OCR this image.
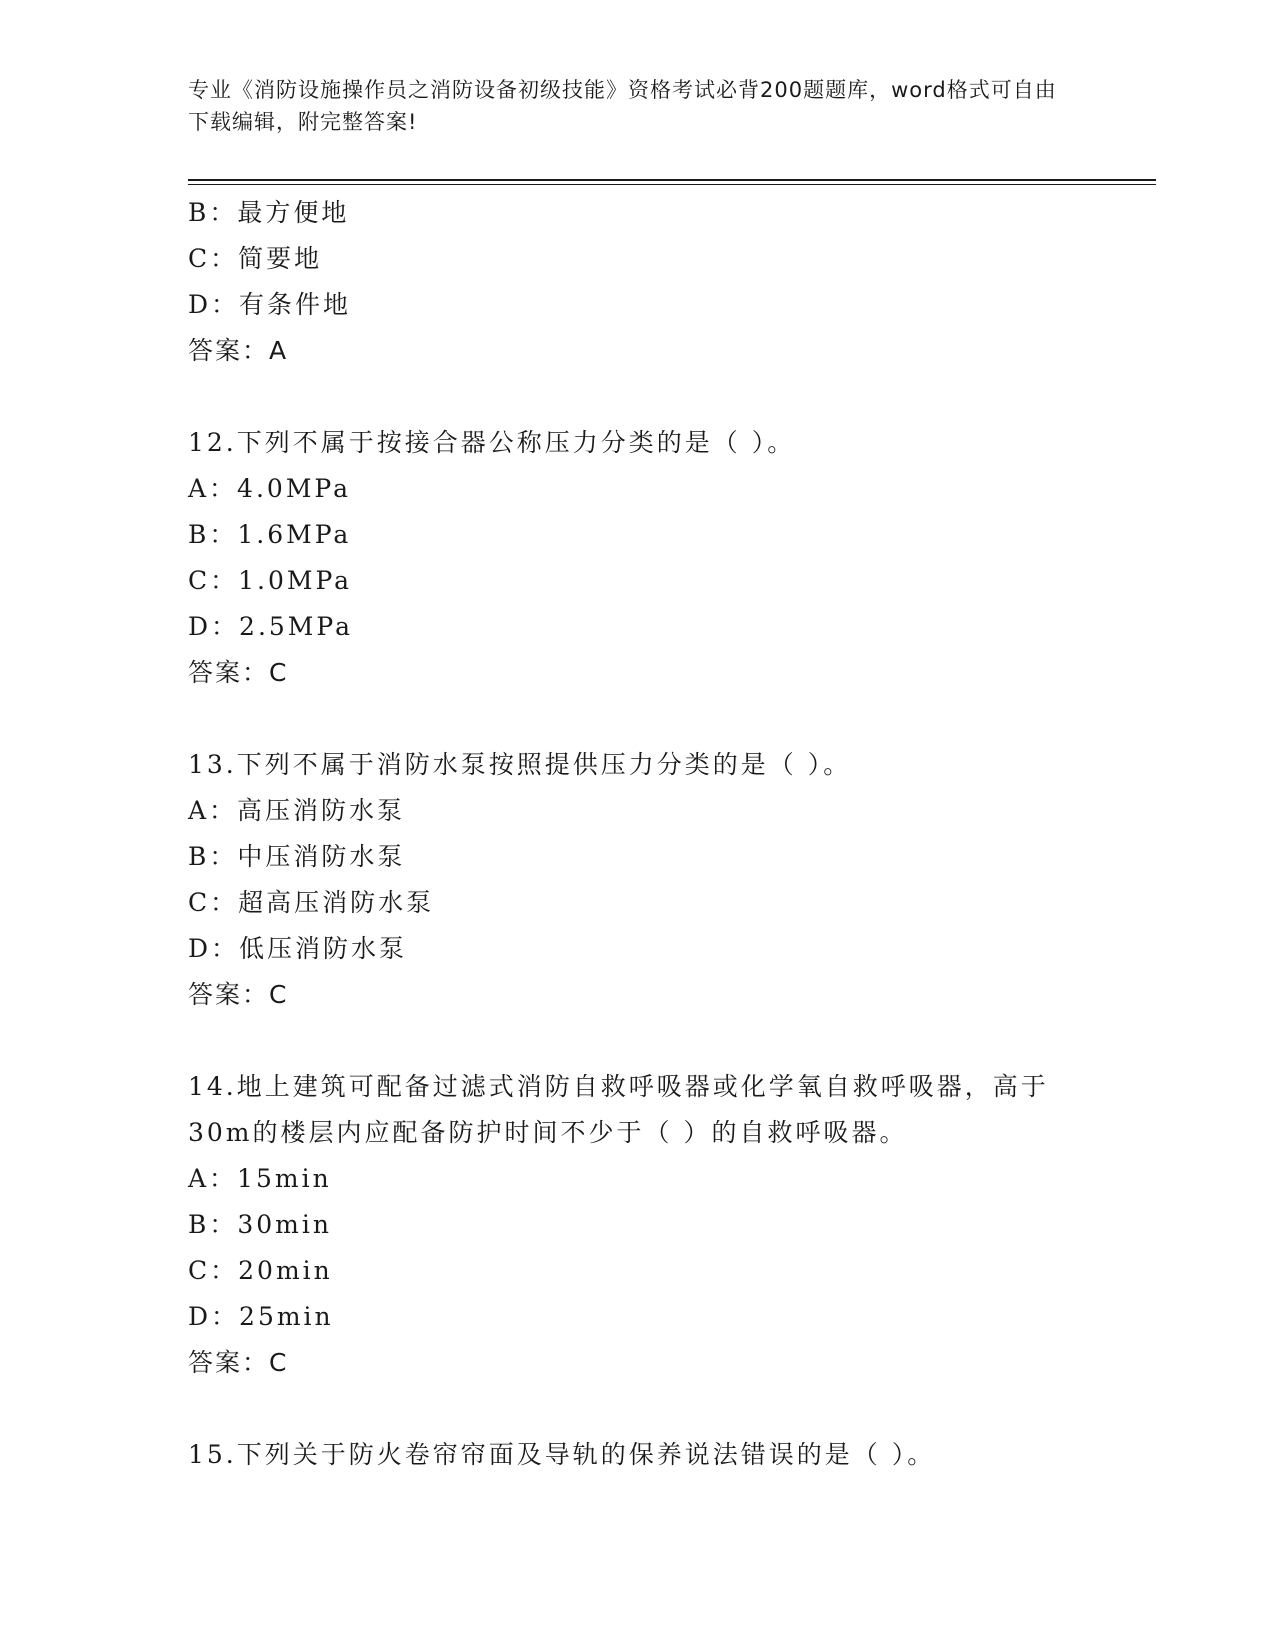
专业《消防设施操作员之消防设备初级技能》资格考试必背200题题库，word格式可自由下载编辑，附完整答案!
B：最方便地
C：简要地
D：有条件地
答案：A
12.下列不属于按接合器公称压力分类的是（ ）。
A：4.0MPa
B：1.6MPa
C：1.0MPa
D：2.5MPa
答案：C
13.下列不属于消防水泵按照提供压力分类的是（ ）。
A：高压消防水泵
B：中压消防水泵
C：超高压消防水泵
D：低压消防水泵
答案：C
14.地上建筑可配备过滤式消防自救呼吸器或化学氧自救呼吸器，高于
30m的楼层内应配备防护时间不少于（ ）的自救呼吸器。
A：15min
B：30min
C：20min
D：25min
答案：C
15.下列关于防火卷帘帘面及导轨的保养说法错误的是（ ）。
